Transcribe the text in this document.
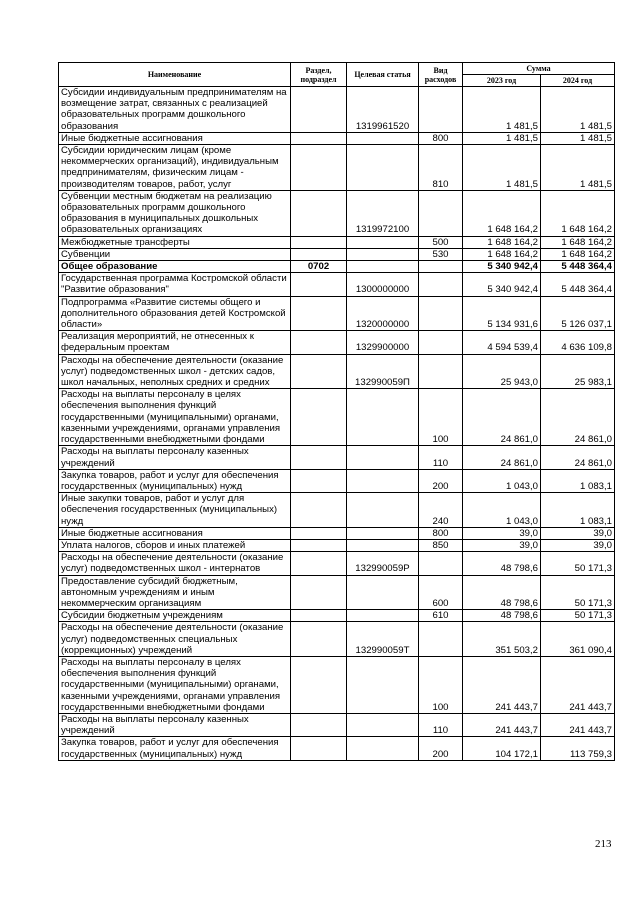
Наименование	Раздел, подраздел	Целевая статья	Вид расходов	Сумма	
				2023 год	2024 год
Субсидии индивидуальным предпринимателям на возмещение затрат, связанных с реализацией образовательных программ дошкольного образования		1319961520		1 481,5	1 481,5
Иные бюджетные ассигнования			800	1 481,5	1 481,5
Субсидии юридическим лицам (кроме некоммерческих организаций), индивидуальным предпринимателям, физическим лицам - производителям товаров, работ, услуг			810	1 481,5	1 481,5
Субвенции местным бюджетам на реализацию образовательных программ дошкольного образования в муниципальных дошкольных образовательных организациях		1319972100		1 648 164,2	1 648 164,2
Межбюджетные трансферты			500	1 648 164,2	1 648 164,2
Субвенции			530	1 648 164,2	1 648 164,2
Общее образование	0702			5 340 942,4	5 448 364,4
Государственная программа Костромской области "Развитие образования"		1300000000		5 340 942,4	5 448 364,4
Подпрограмма «Развитие системы общего и дополнительного образования детей Костромской области»		1320000000		5 134 931,6	5 126 037,1
Реализация мероприятий, не отнесенных к федеральным проектам		1329900000		4 594 539,4	4 636 109,8
Расходы на обеспечение деятельности (оказание услуг) подведомственных школ - детских садов, школ начальных, неполных средних и средних		132990059П		25 943,0	25 983,1
Расходы на выплаты персоналу в целях обеспечения выполнения функций государственными (муниципальными) органами, казенными учреждениями, органами управления государственными внебюджетными фондами			100	24 861,0	24 861,0
Расходы на выплаты персоналу казенных учреждений			110	24 861,0	24 861,0
Закупка товаров, работ и услуг для обеспечения государственных (муниципальных) нужд			200	1 043,0	1 083,1
Иные закупки товаров, работ и услуг для обеспечения государственных (муниципальных) нужд			240	1 043,0	1 083,1
Иные бюджетные ассигнования			800	39,0	39,0
Уплата налогов, сборов и иных платежей			850	39,0	39,0
Расходы на обеспечение деятельности (оказание услуг) подведомственных школ - интернатов		132990059Р		48 798,6	50 171,3
Предоставление субсидий бюджетным, автономным учреждениям и иным некоммерческим организациям			600	48 798,6	50 171,3
Субсидии бюджетным учреждениям			610	48 798,6	50 171,3
Расходы на обеспечение деятельности (оказание услуг) подведомственных специальных (коррекционных) учреждений		132990059Т		351 503,2	361 090,4
Расходы на выплаты персоналу в целях обеспечения выполнения функций государственными (муниципальными) органами, казенными учреждениями, органами управления государственными внебюджетными фондами			100	241 443,7	241 443,7
Расходы на выплаты персоналу казенных учреждений			110	241 443,7	241 443,7
Закупка товаров, работ и услуг для обеспечения государственных (муниципальных) нужд			200	104 172,1	113 759,3
213
